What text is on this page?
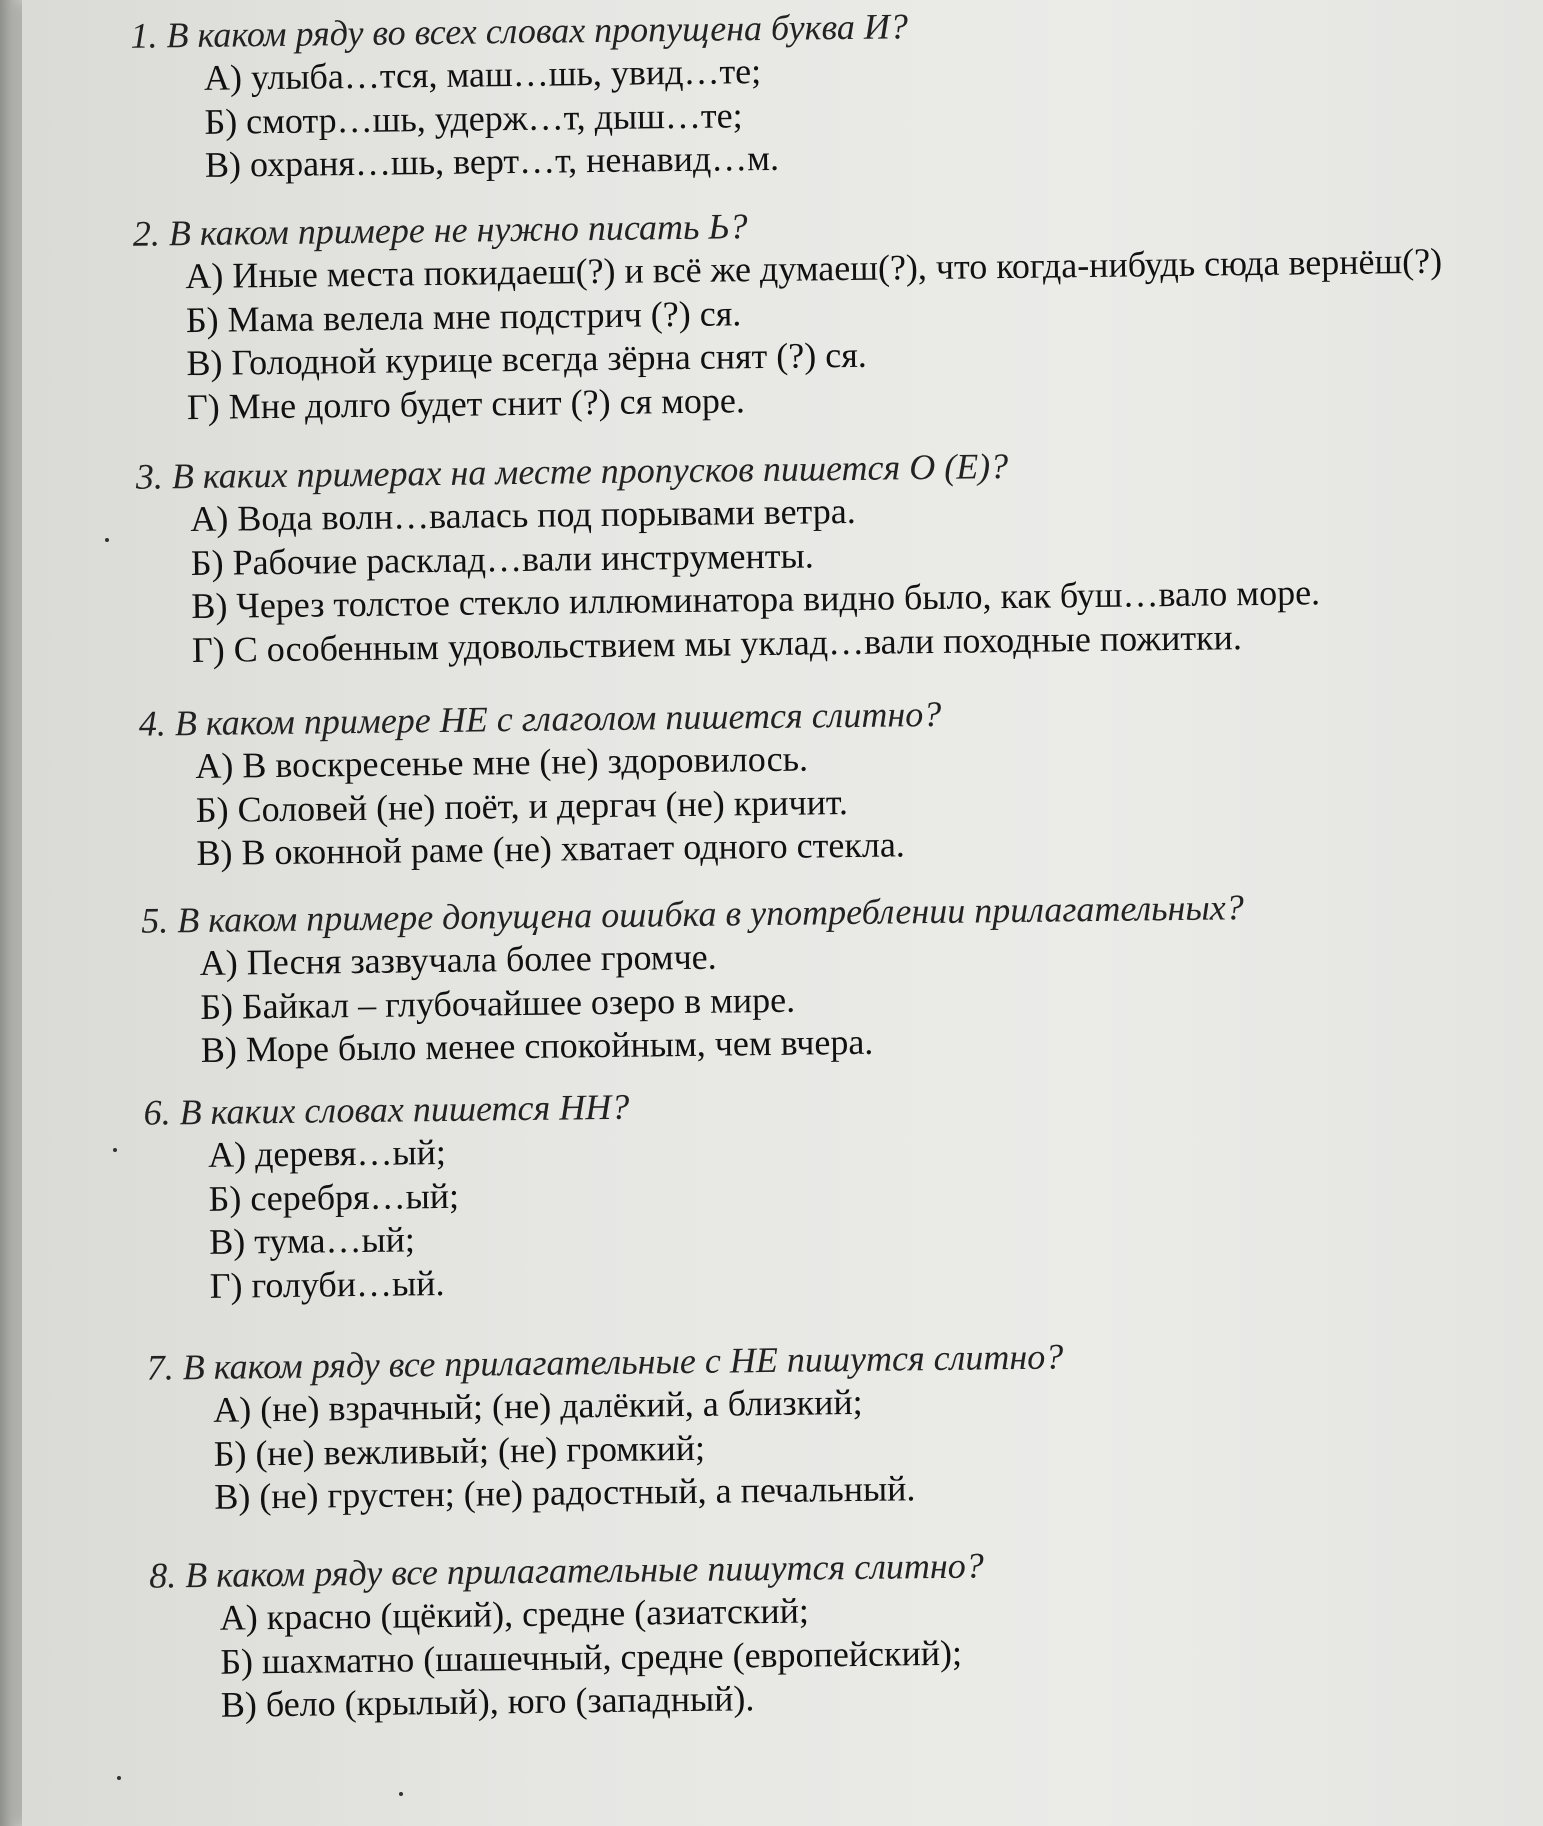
1. В каком ряду во всех словах пропущена буква И?
А) улыба…тся, маш…шь, увид…те;
Б) смотр…шь, удерж…т, дыш…те;
В) охраня…шь, верт…т, ненавид…м.
2. В каком примере не нужно писать Ь?
А) Иные места покидаеш(?) и всё же думаеш(?), что когда-нибудь сюда вернёш(?)
Б) Мама велела мне подстрич (?) ся.
В) Голодной курице всегда зёрна снят (?) ся.
Г) Мне долго будет снит (?) ся море.
3. В каких примерах на месте пропусков пишется О (Е)?
А) Вода волн…валась под порывами ветра.
Б) Рабочие расклад…вали инструменты.
В) Через толстое стекло иллюминатора видно было, как буш…вало море.
Г) С особенным удовольствием мы уклад…вали походные пожитки.
4. В каком примере НЕ с глаголом пишется слитно?
А) В воскресенье мне (не) здоровилось.
Б) Соловей (не) поёт, и дергач (не) кричит.
В) В оконной раме (не) хватает одного стекла.
5. В каком примере допущена ошибка в употреблении прилагательных?
А) Песня зазвучала более громче.
Б) Байкал – глубочайшее озеро в мире.
В) Море было менее спокойным, чем вчера.
6. В каких словах пишется НН?
А) деревя…ый;
Б) серебря…ый;
В) тума…ый;
Г) голуби…ый.
7. В каком ряду все прилагательные с НЕ пишутся слитно?
А) (не) взрачный; (не) далёкий, а близкий;
Б) (не) вежливый; (не) громкий;
В) (не) грустен; (не) радостный, а печальный.
8. В каком ряду все прилагательные пишутся слитно?
А) красно (щёкий), средне (азиатский;
Б) шахматно (шашечный, средне (европейский);
В) бело (крылый), юго (западный).
